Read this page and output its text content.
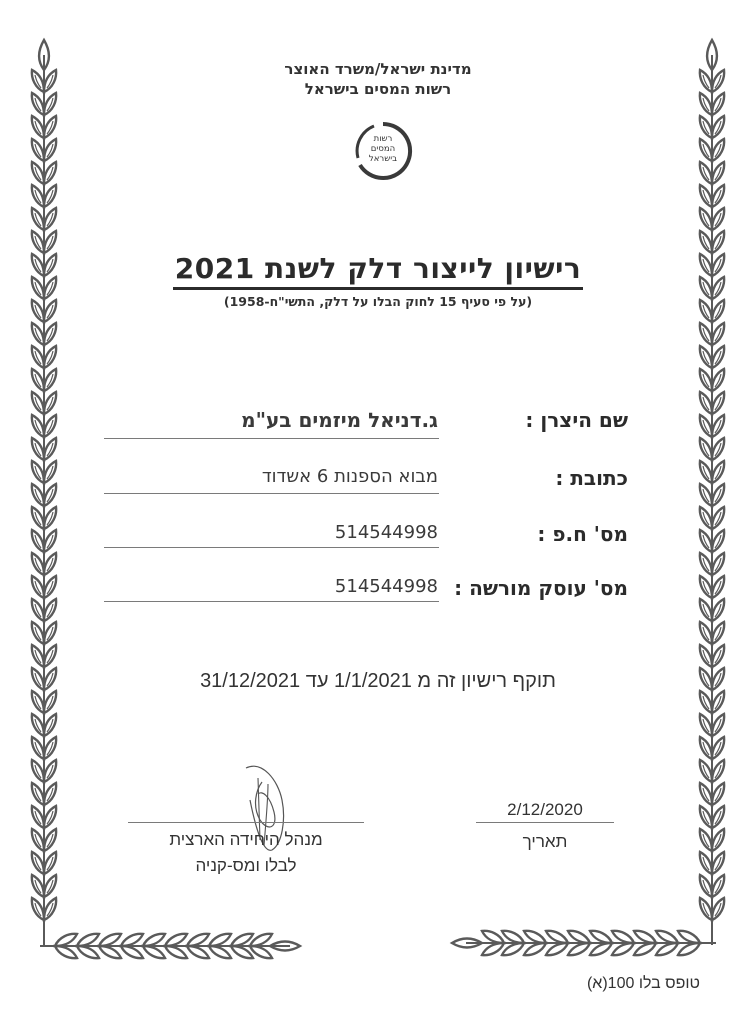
מדינת ישראל/משרד האוצר
רשות המסים בישראל
רשות
המסים
בישראל
רישיון לייצור דלק לשנת 2021
(על פי סעיף 15 לחוק הבלו על דלק, התשי"ח-1958)
שם היצרן :
ג.דניאל מיזמים בע"מ
כתובת :
מבוא הספנות 6 אשדוד
מס' ח.פ :
514544998
מס' עוסק מורשה :
514544998
תוקף רישיון זה מ 1/1/2021 עד 31/12/2021
מנהל היחידה הארצית
לבלו ומס-קניה
2/12/2020
תאריך
טופס בלו 100(א)
